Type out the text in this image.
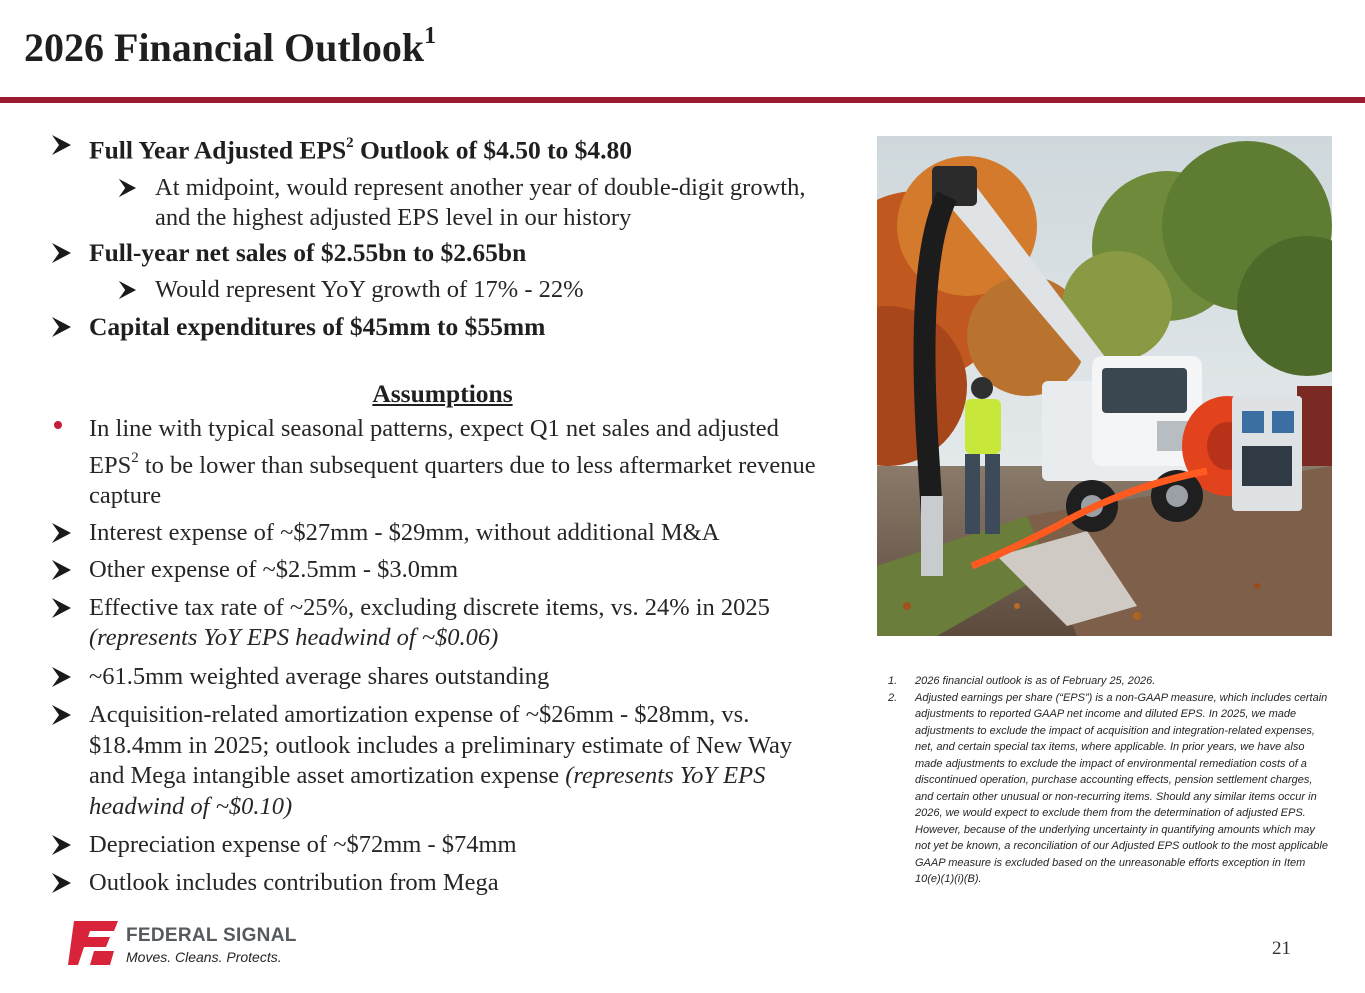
2026 Financial Outlook$^1$
Full Year Adjusted EPS$^2$ Outlook of $4.50 to $4.80
At midpoint, would represent another year of double-digit growth, and the highest adjusted EPS level in our history
Full-year net sales of $2.55bn to $2.65bn
Would represent YoY growth of 17% - 22%
Capital expenditures of $45mm to $55mm
Assumptions
In line with typical seasonal patterns, expect Q1 net sales and adjusted EPS$^2$ to be lower than subsequent quarters due to less aftermarket revenue capture
Interest expense of ~$27mm - $29mm, without additional M&A
Other expense of ~$2.5mm - $3.0mm
Effective tax rate of ~25%, excluding discrete items, vs. 24% in 2025 (represents YoY EPS headwind of ~$0.06)
~61.5mm weighted average shares outstanding
Acquisition-related amortization expense of ~$26mm - $28mm, vs. $18.4mm in 2025; outlook includes a preliminary estimate of New Way and Mega intangible asset amortization expense (represents YoY EPS headwind of ~$0.10)
Depreciation expense of ~$72mm - $74mm
Outlook includes contribution from Mega
1.	2026 financial outlook is as of February 25, 2026.
2.	Adjusted earnings per share (“EPS”) is a non-GAAP measure, which includes certain adjustments to reported GAAP net income and diluted EPS. In 2025, we made adjustments to exclude the impact of acquisition and integration-related expenses, net, and certain special tax items, where applicable. In prior years, we have also made adjustments to exclude the impact of environmental remediation costs of a discontinued operation, purchase accounting effects, pension settlement charges, and certain other unusual or non-recurring items. Should any similar items occur in 2026, we would expect to exclude them from the determination of adjusted EPS. However, because of the underlying uncertainty in quantifying amounts which may not yet be known, a reconciliation of our Adjusted EPS outlook to the most applicable GAAP measure is excluded based on the unreasonable efforts exception in Item 10(e)(1)(i)(B).
FEDERAL SIGNAL
Moves. Cleans. Protects.	21
